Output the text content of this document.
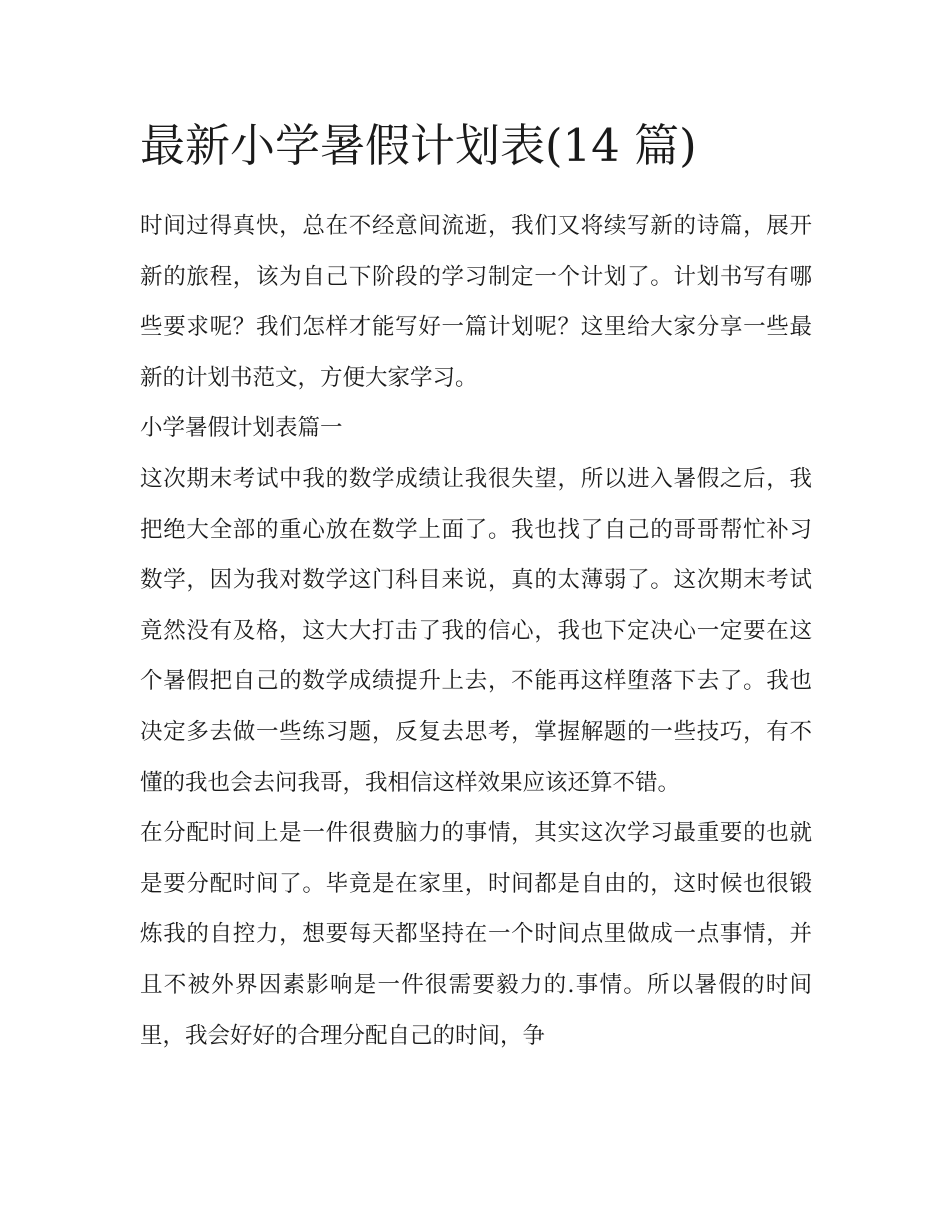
最新小学暑假计划表(14 篇)

时间过得真快，总在不经意间流逝，我们又将续写新的诗篇，展开新的旅程，该为自己下阶段的学习制定一个计划了。计划书写有哪些要求呢？我们怎样才能写好一篇计划呢？这里给大家分享一些最新的计划书范文，方便大家学习。

小学暑假计划表篇一

这次期末考试中我的数学成绩让我很失望，所以进入暑假之后，我把绝大全部的重心放在数学上面了。我也找了自己的哥哥帮忙补习数学，因为我对数学这门科目来说，真的太薄弱了。这次期末考试竟然没有及格，这大大打击了我的信心，我也下定决心一定要在这个暑假把自己的数学成绩提升上去，不能再这样堕落下去了。我也决定多去做一些练习题，反复去思考，掌握解题的一些技巧，有不懂的我也会去问我哥，我相信这样效果应该还算不错。

在分配时间上是一件很费脑力的事情，其实这次学习最重要的也就是要分配时间了。毕竟是在家里，时间都是自由的，这时候也很锻炼我的自控力，想要每天都坚持在一个时间点里做成一点事情，并且不被外界因素影响是一件很需要毅力的.事情。所以暑假的时间里，我会好好的合理分配自己的时间，争
